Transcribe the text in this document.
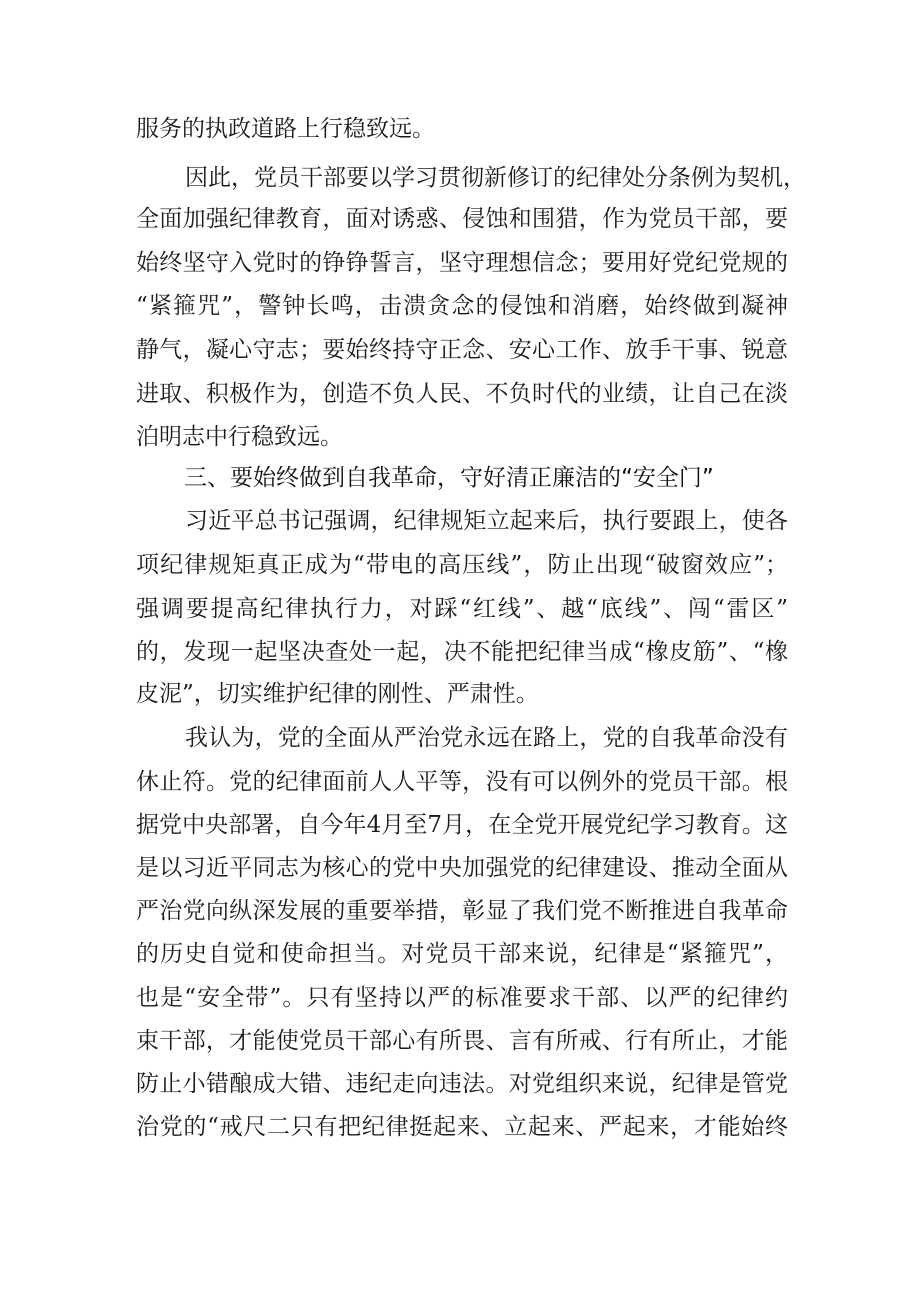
服务的执政道路上行稳致远。
因此，党员干部要以学习贯彻新修订的纪律处分条例为契机，
全面加强纪律教育，面对诱惑、侵蚀和围猎，作为党员干部，要
始终坚守入党时的铮铮誓言，坚守理想信念；要用好党纪党规的
“紧箍咒”，警钟长鸣，击溃贪念的侵蚀和消磨，始终做到凝神
静气，凝心守志；要始终持守正念、安心工作、放手干事、锐意
进取、积极作为，创造不负人民、不负时代的业绩，让自己在淡
泊明志中行稳致远。
三、要始终做到自我革命，守好清正廉洁的“安全门”
习近平总书记强调，纪律规矩立起来后，执行要跟上，使各
项纪律规矩真正成为“带电的高压线”，防止出现“破窗效应”；
强调要提高纪律执行力，对踩“红线”、越“底线”、闯“雷区”
的，发现一起坚决查处一起，决不能把纪律当成“橡皮筋”、“橡
皮泥”，切实维护纪律的刚性、严肃性。
我认为，党的全面从严治党永远在路上，党的自我革命没有
休止符。党的纪律面前人人平等，没有可以例外的党员干部。根
据党中央部署，自今年4月至7月，在全党开展党纪学习教育。这
是以习近平同志为核心的党中央加强党的纪律建设、推动全面从
严治党向纵深发展的重要举措，彰显了我们党不断推进自我革命
的历史自觉和使命担当。对党员干部来说，纪律是“紧箍咒”，
也是“安全带”。只有坚持以严的标准要求干部、以严的纪律约
束干部，才能使党员干部心有所畏、言有所戒、行有所止，才能
防止小错酿成大错、违纪走向违法。对党组织来说，纪律是管党
治党的“戒尺二只有把纪律挺起来、立起来、严起来，才能始终
